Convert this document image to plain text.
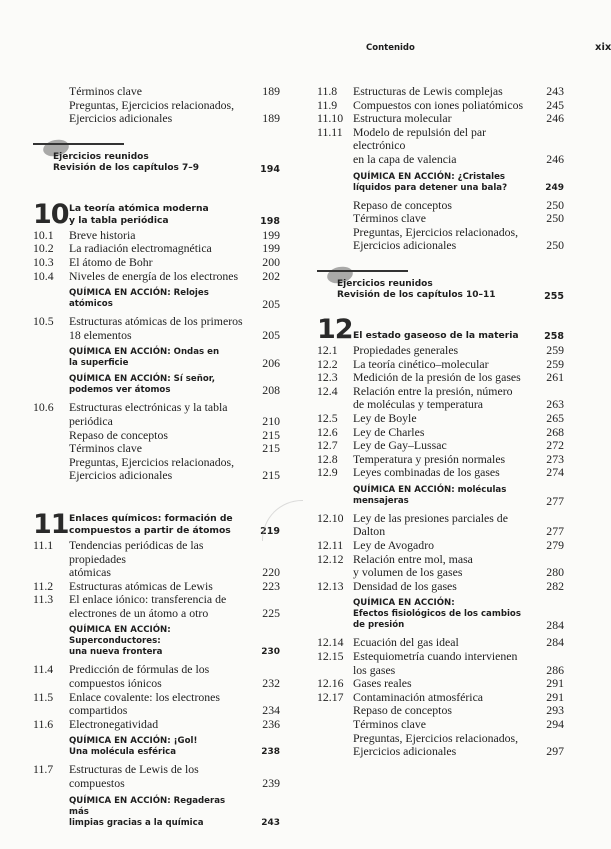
Contenido	xix
Términos clave	189
Preguntas, Ejercicios relacionados,
Ejercicios adicionales	189
Ejercicios reunidos
Revisión de los capítulos 7–9	194
10 La teoría atómica moderna
y la tabla periódica	198
10.1 Breve historia	199
10.2 La radiación electromagnética	199
10.3 El átomo de Bohr	200
10.4 Niveles de energía de los electrones	202
QUÍMICA EN ACCIÓN: Relojes
atómicos	205
10.5 Estructuras atómicas de los primeros
18 elementos	205
QUÍMICA EN ACCIÓN: Ondas en
la superficie	206
QUÍMICA EN ACCIÓN: Sí señor,
podemos ver átomos	208
10.6 Estructuras electrónicas y la tabla
periódica	210
Repaso de conceptos	215
Términos clave	215
Preguntas, Ejercicios relacionados,
Ejercicios adicionales	215
11 Enlaces químicos: formación de
compuestos a partir de átomos	219
11.1 Tendencias periódicas de las propiedades
atómicas	220
11.2 Estructuras atómicas de Lewis	223
11.3 El enlace iónico: transferencia de
electrones de un átomo a otro	225
QUÍMICA EN ACCIÓN: Superconductores:
una nueva frontera	230
11.4 Predicción de fórmulas de los
compuestos iónicos	232
11.5 Enlace covalente: los electrones
compartidos	234
11.6 Electronegatividad	236
QUÍMICA EN ACCIÓN: ¡Gol!
Una molécula esférica	238
11.7 Estructuras de Lewis de los compuestos	239
QUÍMICA EN ACCIÓN: Regaderas más
limpias gracias a la química	243
11.8 Estructuras de Lewis complejas	243
11.9 Compuestos con iones poliatómicos	245
11.10 Estructura molecular	246
11.11 Modelo de repulsión del par electrónico
en la capa de valencia	246
QUÍMICA EN ACCIÓN: ¿Cristales
líquidos para detener una bala?	249
Repaso de conceptos	250
Términos clave	250
Preguntas, Ejercicios relacionados,
Ejercicios adicionales	250
Ejercicios reunidos
Revisión de los capítulos 10–11	255
12 El estado gaseoso de la materia	258
12.1 Propiedades generales	259
12.2 La teoría cinético–molecular	259
12.3 Medición de la presión de los gases	261
12.4 Relación entre la presión, número
de moléculas y temperatura	263
12.5 Ley de Boyle	265
12.6 Ley de Charles	268
12.7 Ley de Gay–Lussac	272
12.8 Temperatura y presión normales	273
12.9 Leyes combinadas de los gases	274
QUÍMICA EN ACCIÓN: moléculas
mensajeras	277
12.10 Ley de las presiones parciales de Dalton	277
12.11 Ley de Avogadro	279
12.12 Relación entre mol, masa
y volumen de los gases	280
12.13 Densidad de los gases	282
QUÍMICA EN ACCIÓN:
Efectos fisiológicos de los cambios
de presión	284
12.14 Ecuación del gas ideal	284
12.15 Estequiometría cuando intervienen
los gases	286
12.16 Gases reales	291
12.17 Contaminación atmosférica	291
Repaso de conceptos	293
Términos clave	294
Preguntas, Ejercicios relacionados,
Ejercicios adicionales	297
